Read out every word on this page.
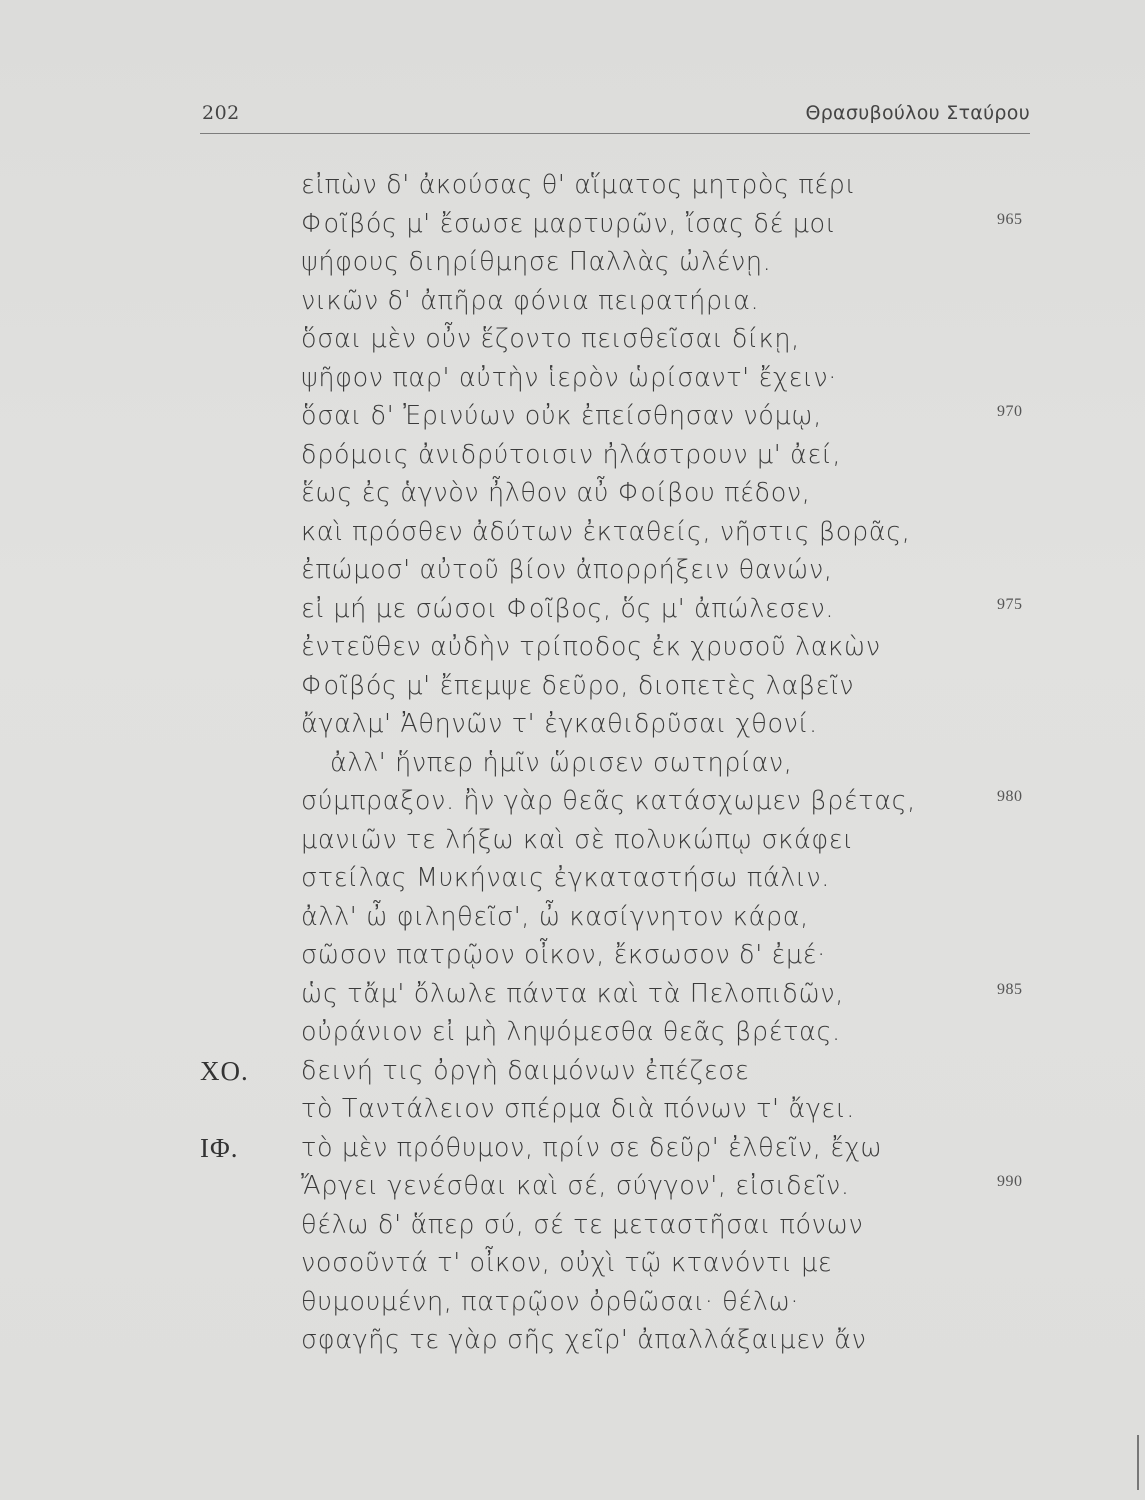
202	Θρασυβούλου Σταύρου
εἰπὼν δ' ἀκούσας θ' αἵματος μητρὸς πέρι
Φοῖβός μ' ἔσωσε μαρτυρῶν, ἴσας δέ μοι	965
ψήφους διηρίθμησε Παλλὰς ὠλένῃ.
νικῶν δ' ἀπῆρα φόνια πειρατήρια.
ὅσαι μὲν οὖν ἕζοντο πεισθεῖσαι δίκῃ,
ψῆφον παρ' αὐτὴν ἱερὸν ὡρίσαντ' ἔχειν·
ὅσαι δ' Ἐρινύων οὐκ ἐπείσθησαν νόμῳ,	970
δρόμοις ἀνιδρύτοισιν ἠλάστρουν μ' ἀεί,
ἕως ἐς ἁγνὸν ἦλθον αὖ Φοίβου πέδον,
καὶ πρόσθεν ἀδύτων ἐκταθείς, νῆστις βορᾶς,
ἐπώμοσ' αὐτοῦ βίον ἀπορρήξειν θανών,
εἰ μή με σώσοι Φοῖβος, ὅς μ' ἀπώλεσεν.	975
ἐντεῦθεν αὐδὴν τρίποδος ἐκ χρυσοῦ λακὼν
Φοῖβός μ' ἔπεμψε δεῦρο, διοπετὲς λαβεῖν
ἄγαλμ' Ἀθηνῶν τ' ἐγκαθιδρῦσαι χθονί.
ἀλλ' ἥνπερ ἡμῖν ὥρισεν σωτηρίαν,
σύμπραξον. ἢν γὰρ θεᾶς κατάσχωμεν βρέτας,	980
μανιῶν τε λήξω καὶ σὲ πολυκώπῳ σκάφει
στείλας Μυκήναις ἐγκαταστήσω πάλιν.
ἀλλ' ὦ φιληθεῖσ', ὦ κασίγνητον κάρα,
σῶσον πατρῷον οἶκον, ἔκσωσον δ' ἐμέ·
ὡς τἄμ' ὄλωλε πάντα καὶ τὰ Πελοπιδῶν,	985
οὐράνιον εἰ μὴ ληψόμεσθα θεᾶς βρέτας.
ΧΟ. δεινή τις ὀργὴ δαιμόνων ἐπέζεσε
τὸ Ταντάλειον σπέρμα διὰ πόνων τ' ἄγει.
ΙΦ. τὸ μὲν πρόθυμον, πρίν σε δεῦρ' ἐλθεῖν, ἔχω
Ἄργει γενέσθαι καὶ σέ, σύγγον', εἰσιδεῖν.	990
θέλω δ' ἅπερ σύ, σέ τε μεταστῆσαι πόνων
νοσοῦντά τ' οἶκον, οὐχὶ τῷ κτανόντι με
θυμουμένη, πατρῷον ὀρθῶσαι· θέλω·
σφαγῆς τε γὰρ σῆς χεῖρ' ἀπαλλάξαιμεν ἄν
